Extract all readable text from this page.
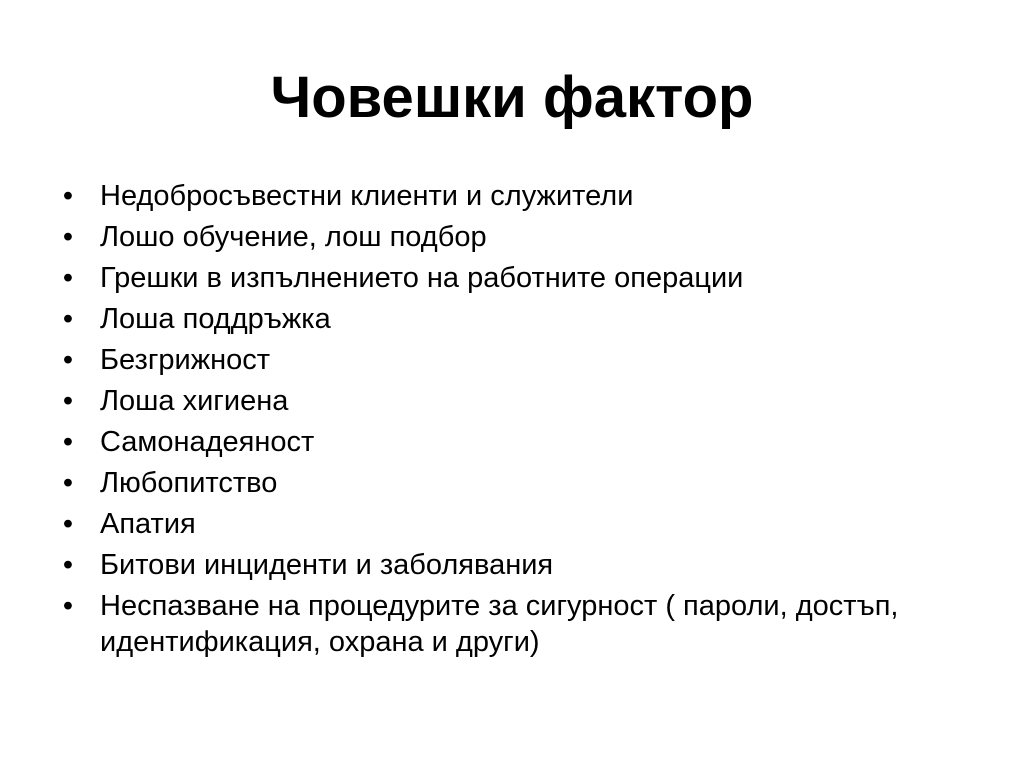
Човешки фактор
• Недобросъвестни клиенти и служители
• Лошо обучение, лош подбор
• Грешки в изпълнението на работните операции
• Лоша поддръжка
• Безгрижност
• Лоша хигиена
• Самонадеяност
• Любопитство
• Апатия
• Битови инциденти и заболявания
• Неспазване на процедурите за сигурност ( пароли, достъп, идентификация, охрана и други)
